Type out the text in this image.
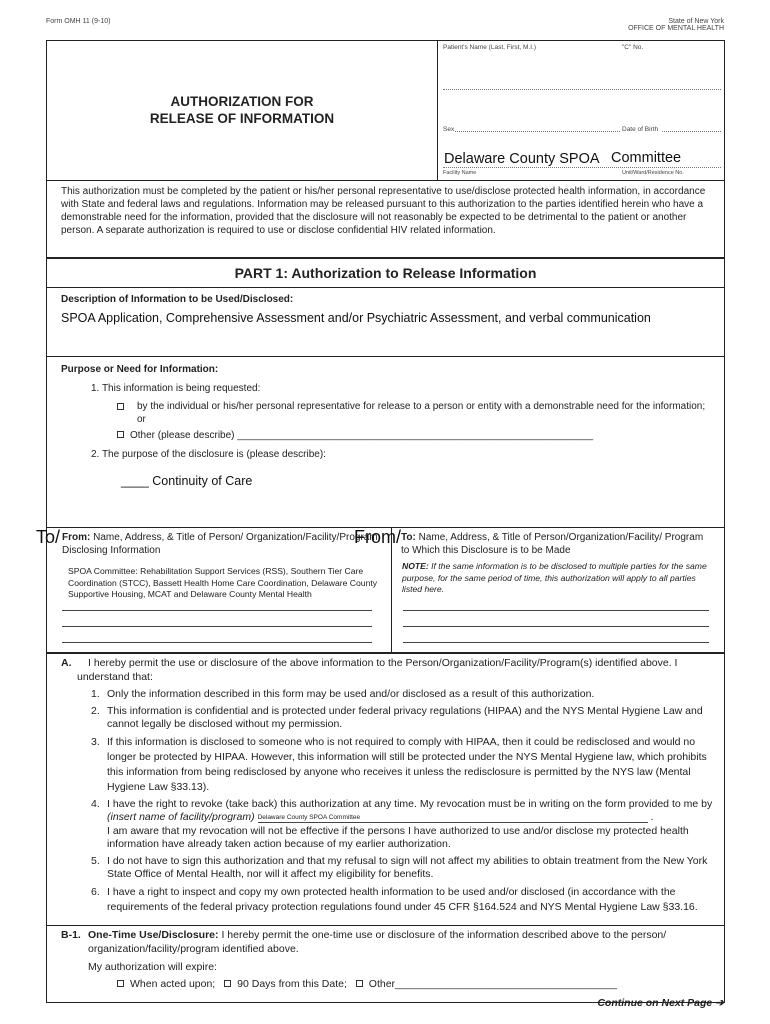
Form OMH 11 (9-10)	State of New York
OFFICE OF MENTAL HEALTH
AUTHORIZATION FOR
RELEASE OF INFORMATION
Patient's Name (Last, First, M.I.)	"C" No.
Sex	Date of Birth
Delaware County SPOA Committee
Facility Name	Unit/Ward/Residence No.
This authorization must be completed by the patient or his/her personal representative to use/disclose protected health information, in accordance with State and federal laws and regulations. Information may be released pursuant to this authorization to the parties identified herein who have a demonstrable need for the information, provided that the disclosure will not reasonably be expected to be detrimental to the patient or another person. A separate authorization is required to use or disclose confidential HIV related information.
PART 1: Authorization to Release Information
Description of Information to be Used/Disclosed:
SPOA Application, Comprehensive Assessment and/or Psychiatric Assessment, and verbal communication
Purpose or Need for Information:
1. This information is being requested:
by the individual or his/her personal representative for release to a person or entity with a demonstrable need for the information; or
Other (please describe) ________________________________________________________________
2. The purpose of the disclosure is (please describe):
____ Continuity of Care
To/ From: Name, Address, & Title of Person/ Organization/Facility/Program Disclosing Information
SPOA Committee: Rehabilitation Support Services (RSS), Southern Tier Care Coordination (STCC), Bassett Health Home Care Coordination, Delaware County Supportive Housing, MCAT and Delaware County Mental Health
From/ To: Name, Address, & Title of Person/Organization/Facility/ Program to Which this Disclosure is to be Made
NOTE: If the same information is to be disclosed to multiple parties for the same purpose, for the same period of time, this authorization will apply to all parties listed here.
A.	I hereby permit the use or disclosure of the above information to the Person/Organization/Facility/Program(s) identified above. I understand that:
1. Only the information described in this form may be used and/or disclosed as a result of this authorization.
2. This information is confidential and is protected under federal privacy regulations (HIPAA) and the NYS Mental Hygiene Law and cannot legally be disclosed without my permission.
3. If this information is disclosed to someone who is not required to comply with HIPAA, then it could be redisclosed and would no longer be protected by HIPAA. However, this information will still be protected under the NYS Mental Hygiene law, which prohibits this information from being redisclosed by anyone who receives it unless the redisclosure is permitted by the NYS law (Mental Hygiene Law §33.13).
4. I have the right to revoke (take back) this authorization at any time. My revocation must be in writing on the form provided to me by (insert name of facility/program) Delaware County SPOA Committee	.
I am aware that my revocation will not be effective if the persons I have authorized to use and/or disclose my protected health information have already taken action because of my earlier authorization.
5. I do not have to sign this authorization and that my refusal to sign will not affect my abilities to obtain treatment from the New York State Office of Mental Health, nor will it affect my eligibility for benefits.
6. I have a right to inspect and copy my own protected health information to be used and/or disclosed (in accordance with the requirements of the federal privacy protection regulations found under 45 CFR §164.524 and NYS Mental Hygiene Law §33.16.
B-1. One-Time Use/Disclosure: I hereby permit the one-time use or disclosure of the information described above to the person/ organization/facility/program identified above.
My authorization will expire:
When acted upon; 90 Days from this Date; Other______________________________________
Continue on Next Page ➔
